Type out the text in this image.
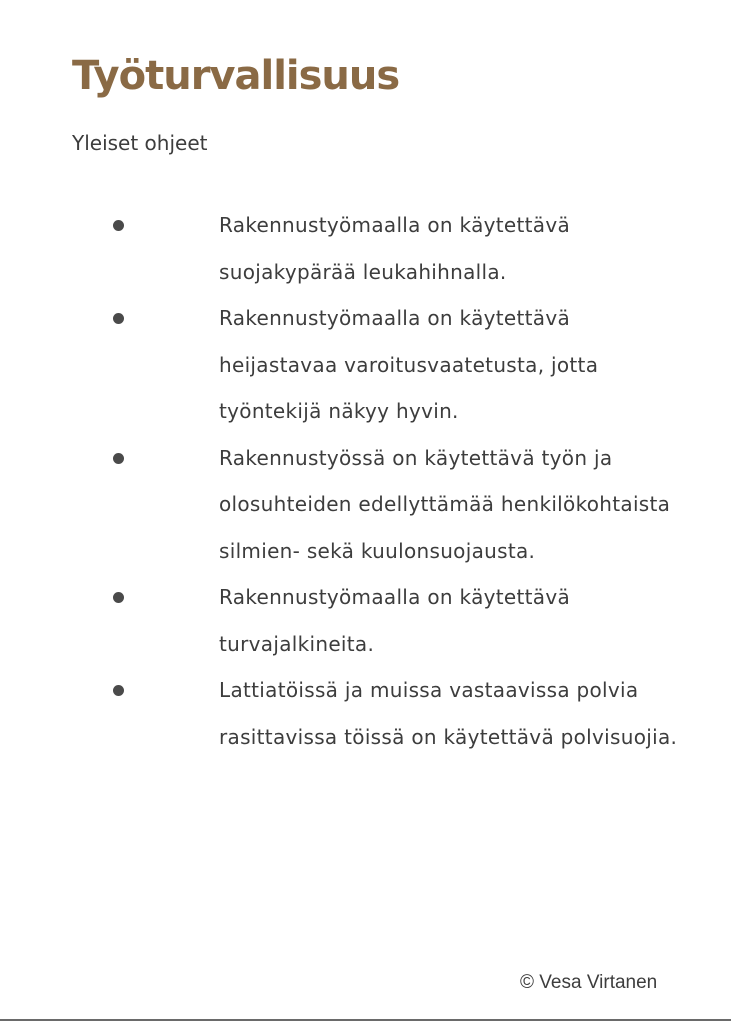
Työturvallisuus

Yleiset ohjeet

Rakennustyömaalla on käytettävä suojakypärää leukahihnalla.
Rakennustyömaalla on käytettävä heijastavaa varoitusvaatetusta, jotta työntekijä näkyy hyvin.
Rakennustyössä on käytettävä työn ja olosuhteiden edellyttämää henkilökohtaista silmien- sekä kuulonsuojausta.
Rakennustyömaalla on käytettävä turvajalkineita.
Lattiatöissä ja muissa vastaavissa polvia rasittavissa töissä on käytettävä polvisuojia.

© Vesa Virtanen
